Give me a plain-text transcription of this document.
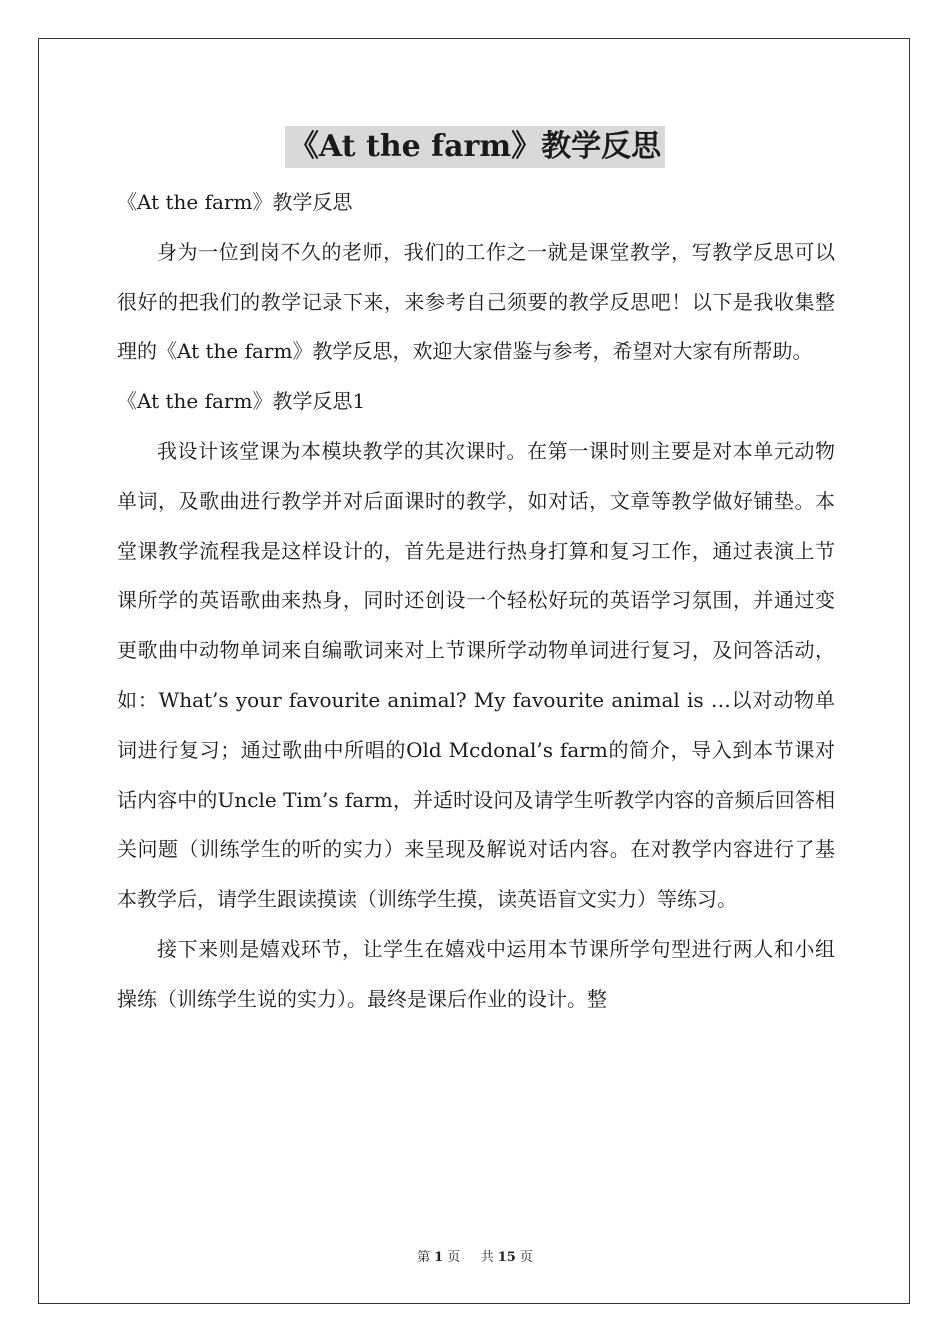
《At the farm》教学反思

《At the farm》教学反思

身为一位到岗不久的老师，我们的工作之一就是课堂教学，写教学反思可以很好的把我们的教学记录下来，来参考自己须要的教学反思吧！以下是我收集整理的《At the farm》教学反思，欢迎大家借鉴与参考，希望对大家有所帮助。

《At the farm》教学反思1

我设计该堂课为本模块教学的其次课时。在第一课时则主要是对本单元动物单词，及歌曲进行教学并对后面课时的教学，如对话，文章等教学做好铺垫。本堂课教学流程我是这样设计的，首先是进行热身打算和复习工作，通过表演上节课所学的英语歌曲来热身，同时还创设一个轻松好玩的英语学习氛围，并通过变更歌曲中动物单词来自编歌词来对上节课所学动物单词进行复习，及问答活动，如：What’s your favourite animal? My favourite animal is …以对动物单词进行复习；通过歌曲中所唱的Old Mcdonal’s farm的简介，导入到本节课对话内容中的Uncle Tim’s farm，并适时设问及请学生听教学内容的音频后回答相关问题（训练学生的听的实力）来呈现及解说对话内容。在对教学内容进行了基本教学后，请学生跟读摸读（训练学生摸，读英语盲文实力）等练习。

接下来则是嬉戏环节，让学生在嬉戏中运用本节课所学句型进行两人和小组操练（训练学生说的实力）。最终是课后作业的设计。整

第 1 页 共 15 页
